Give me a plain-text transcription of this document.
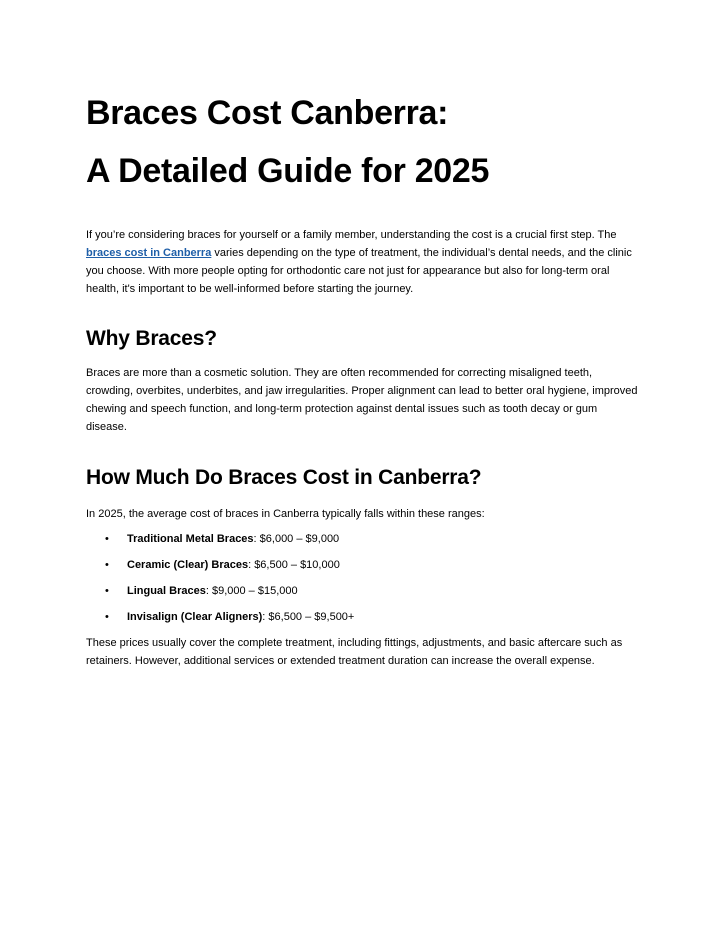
Braces Cost Canberra:
A Detailed Guide for 2025

If you’re considering braces for yourself or a family member, understanding the cost is a crucial first step. The braces cost in Canberra varies depending on the type of treatment, the individual’s dental needs, and the clinic you choose. With more people opting for orthodontic care not just for appearance but also for long-term oral health, it's important to be well-informed before starting the journey.

Why Braces?

Braces are more than a cosmetic solution. They are often recommended for correcting misaligned teeth, crowding, overbites, underbites, and jaw irregularities. Proper alignment can lead to better oral hygiene, improved chewing and speech function, and long-term protection against dental issues such as tooth decay or gum disease.

How Much Do Braces Cost in Canberra?

In 2025, the average cost of braces in Canberra typically falls within these ranges:

• Traditional Metal Braces: $6,000 – $9,000
• Ceramic (Clear) Braces: $6,500 – $10,000
• Lingual Braces: $9,000 – $15,000
• Invisalign (Clear Aligners): $6,500 – $9,500+

These prices usually cover the complete treatment, including fittings, adjustments, and basic aftercare such as retainers. However, additional services or extended treatment duration can increase the overall expense.
